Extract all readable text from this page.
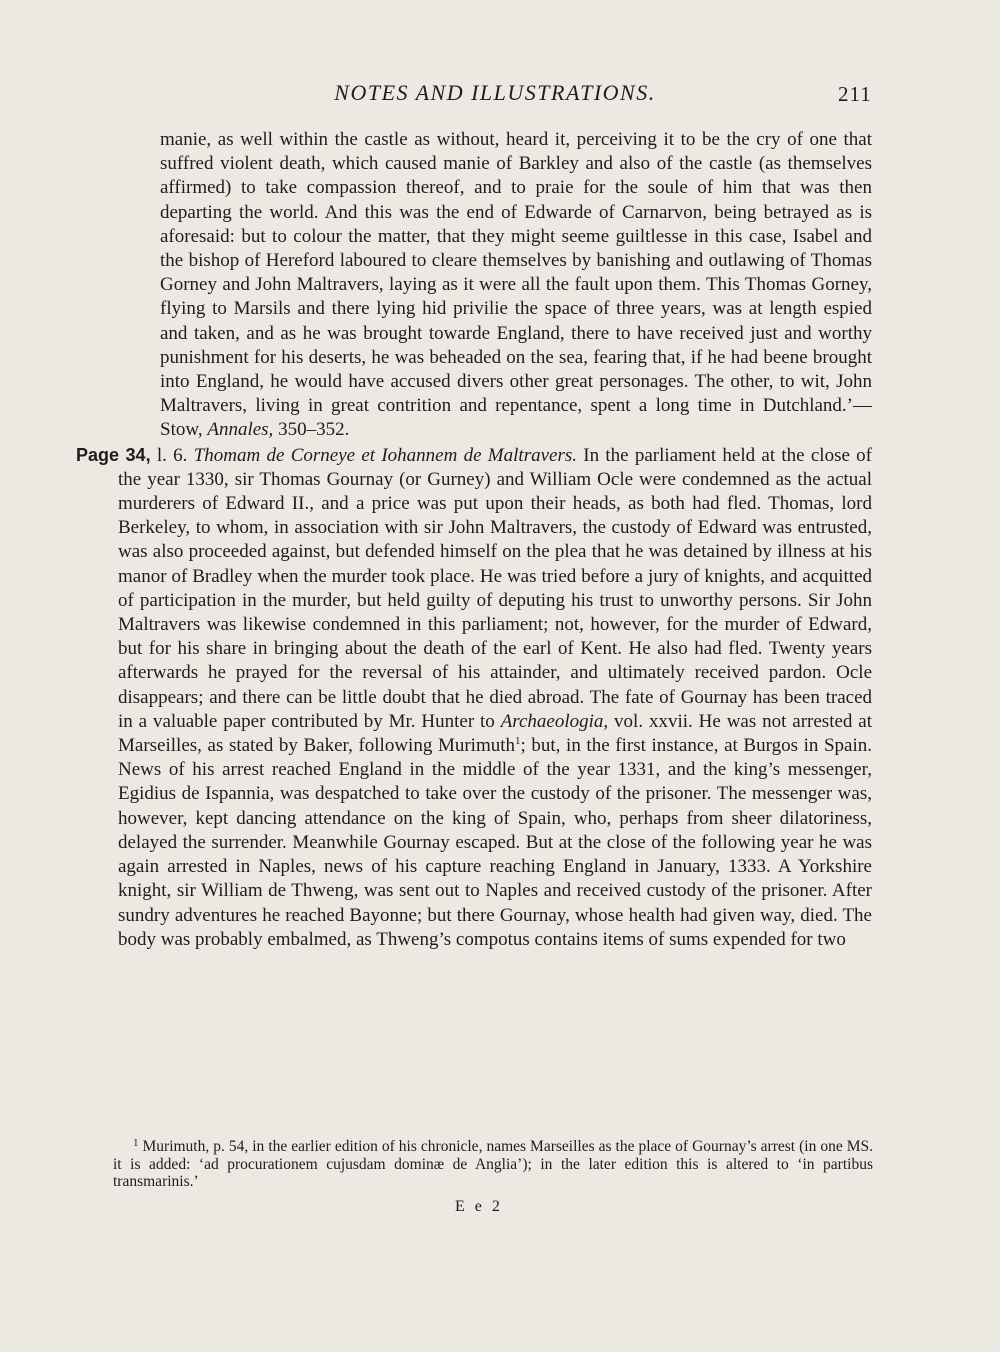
NOTES AND ILLUSTRATIONS.	211

manie, as well within the castle as without, heard it, perceiving it to be the cry of one that suffred violent death, which caused manie of Barkley and also of the castle (as themselves affirmed) to take compassion thereof, and to praie for the soule of him that was then departing the world. And this was the end of Edwarde of Carnarvon, being betrayed as is aforesaid: but to colour the matter, that they might seeme guiltlesse in this case, Isabel and the bishop of Hereford laboured to cleare themselves by banishing and outlawing of Thomas Gorney and John Maltravers, laying as it were all the fault upon them. This Thomas Gorney, flying to Marsils and there lying hid privilie the space of three years, was at length espied and taken, and as he was brought towarde England, there to have received just and worthy punishment for his deserts, he was beheaded on the sea, fearing that, if he had beene brought into England, he would have accused divers other great personages. The other, to wit, John Maltravers, living in great contrition and repentance, spent a long time in Dutchland.’—Stow, Annales, 350–352.

Page 34, l. 6. Thomam de Corneye et Iohannem de Maltravers. In the parliament held at the close of the year 1330, sir Thomas Gournay (or Gurney) and William Ocle were condemned as the actual murderers of Edward II., and a price was put upon their heads, as both had fled. Thomas, lord Berkeley, to whom, in association with sir John Maltravers, the custody of Edward was entrusted, was also proceeded against, but defended himself on the plea that he was detained by illness at his manor of Bradley when the murder took place. He was tried before a jury of knights, and acquitted of participation in the murder, but held guilty of deputing his trust to unworthy persons. Sir John Maltravers was likewise condemned in this parliament; not, however, for the murder of Edward, but for his share in bringing about the death of the earl of Kent. He also had fled. Twenty years afterwards he prayed for the reversal of his attainder, and ultimately received pardon. Ocle disappears; and there can be little doubt that he died abroad. The fate of Gournay has been traced in a valuable paper contributed by Mr. Hunter to Archaeologia, vol. xxvii. He was not arrested at Marseilles, as stated by Baker, following Murimuth$^1$; but, in the first instance, at Burgos in Spain. News of his arrest reached England in the middle of the year 1331, and the king’s messenger, Egidius de Ispannia, was despatched to take over the custody of the prisoner. The messenger was, however, kept dancing attendance on the king of Spain, who, perhaps from sheer dilatoriness, delayed the surrender. Meanwhile Gournay escaped. But at the close of the following year he was again arrested in Naples, news of his capture reaching England in January, 1333. A Yorkshire knight, sir William de Thweng, was sent out to Naples and received custody of the prisoner. After sundry adventures he reached Bayonne; but there Gournay, whose health had given way, died. The body was probably embalmed, as Thweng’s compotus contains items of sums expended for two

$^1$ Murimuth, p. 54, in the earlier edition of his chronicle, names Marseilles as the place of Gournay’s arrest (in one MS. it is added: ‘ad procurationem cujusdam dominæ de Anglia’); in the later edition this is altered to ‘in partibus transmarinis.’
E e 2
